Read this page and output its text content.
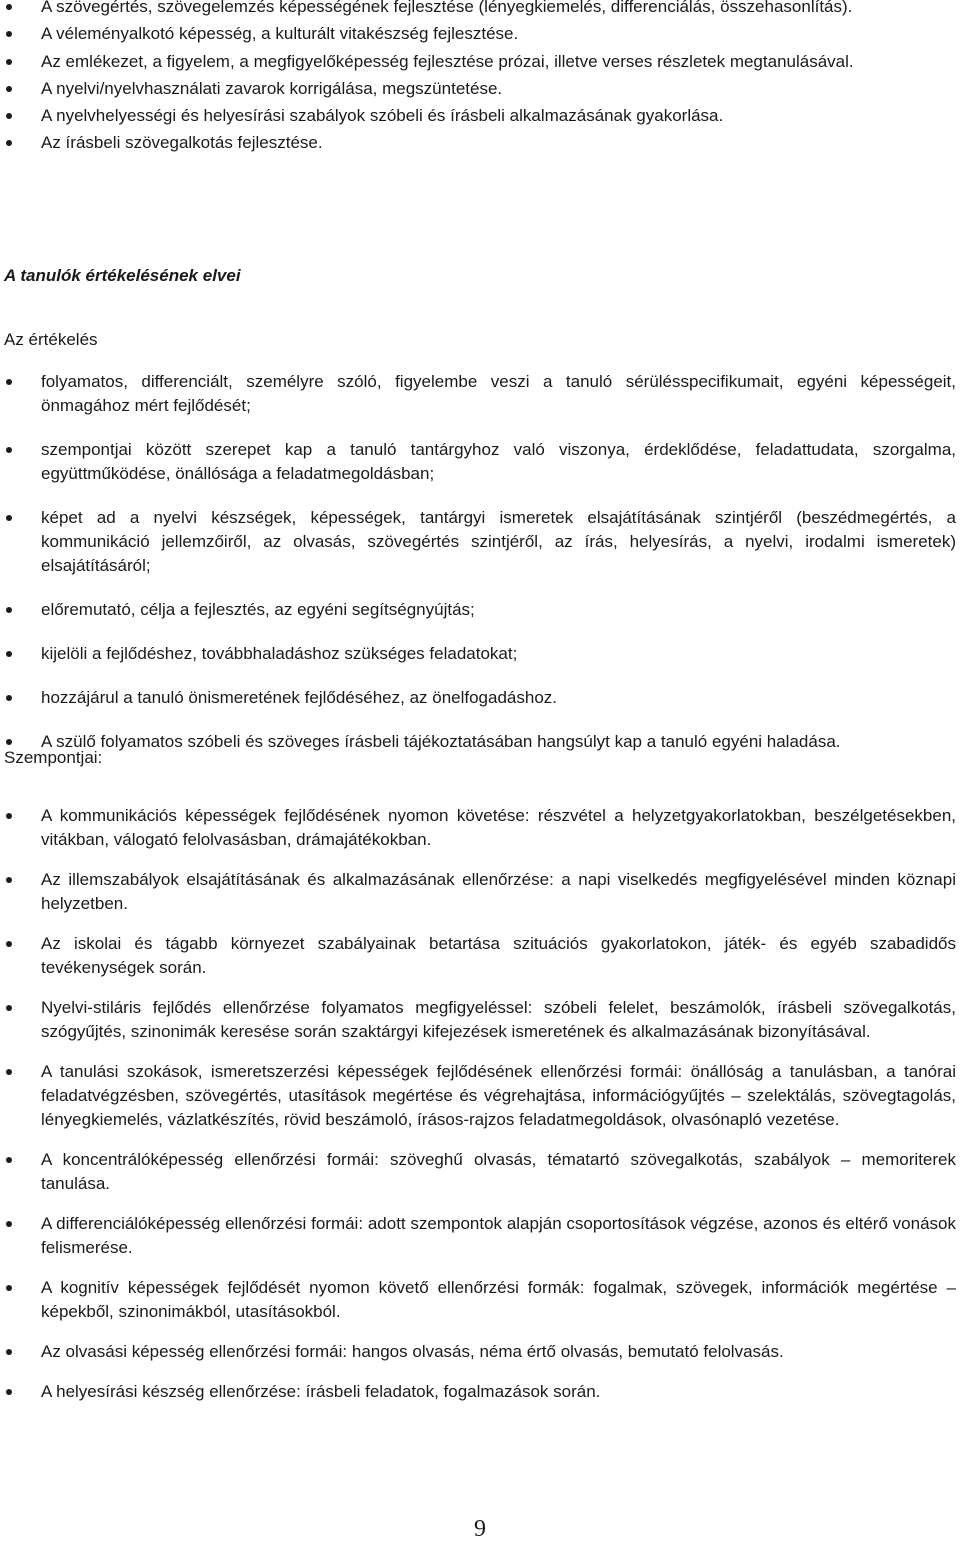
A szövegértés, szövegelemzés képességének fejlesztése (lényegkiemelés, differenciálás, összehasonlítás).
A véleményalkotó képesség, a kulturált vitakészség fejlesztése.
Az emlékezet, a figyelem, a megfigyelőképesség fejlesztése prózai, illetve verses részletek megtanulásával.
A nyelvi/nyelvhasználati zavarok korrigálása, megszüntetése.
A nyelvhelyességi és helyesírási szabályok szóbeli és írásbeli alkalmazásának gyakorlása.
Az írásbeli szövegalkotás fejlesztése.
A tanulók értékelésének elvei
Az értékelés
folyamatos, differenciált, személyre szóló, figyelembe veszi a tanuló sérülésspecifikumait, egyéni képességeit, önmagához mért fejlődését;
szempontjai között szerepet kap a tanuló tantárgyhoz való viszonya, érdeklődése, feladattudata, szorgalma, együttműködése, önállósága a feladatmegoldásban;
képet ad a nyelvi készségek, képességek, tantárgyi ismeretek elsajátításának szintjéről (beszédmegértés, a kommunikáció jellemzőiről, az olvasás, szövegértés szintjéről, az írás, helyesírás, a nyelvi, irodalmi ismeretek) elsajátításáról;
előremutató, célja a fejlesztés, az egyéni segítségnyújtás;
kijelöli a fejlődéshez, továbbhaladáshoz szükséges feladatokat;
hozzájárul a tanuló önismeretének fejlődéséhez, az önelfogadáshoz.
A szülő folyamatos szóbeli és szöveges írásbeli tájékoztatásában hangsúlyt kap a tanuló egyéni haladása.
Szempontjai:
A kommunikációs képességek fejlődésének nyomon követése: részvétel a helyzetgyakorlatokban, beszélgetésekben, vitákban, válogató felolvasásban, drámajátékokban.
Az illemszabályok elsajátításának és alkalmazásának ellenőrzése: a napi viselkedés megfigyelésével minden köznapi helyzetben.
Az iskolai és tágabb környezet szabályainak betartása szituációs gyakorlatokon, játék- és egyéb szabadidős tevékenységek során.
Nyelvi-stiláris fejlődés ellenőrzése folyamatos megfigyeléssel: szóbeli felelet, beszámolók, írásbeli szövegalkotás, szógyűjtés, szinonimák keresése során szaktárgyi kifejezések ismeretének és alkalmazásának bizonyításával.
A tanulási szokások, ismeretszerzési képességek fejlődésének ellenőrzési formái: önállóság a tanulásban, a tanórai feladatvégzésben, szövegértés, utasítások megértése és végrehajtása, információgyűjtés – szelektálás, szövegtagolás, lényegkiemelés, vázlatkészítés, rövid beszámoló, írásos-rajzos feladatmegoldások, olvasónapló vezetése.
A koncentrálóképesség ellenőrzési formái: szöveghű olvasás, tématartó szövegalkotás, szabályok – memoriterek tanulása.
A differenciálóképesség ellenőrzési formái: adott szempontok alapján csoportosítások végzése, azonos és eltérő vonások felismerése.
A kognitív képességek fejlődését nyomon követő ellenőrzési formák: fogalmak, szövegek, információk megértése – képekből, szinonimákból, utasításokból.
Az olvasási képesség ellenőrzési formái: hangos olvasás, néma értő olvasás, bemutató felolvasás.
A helyesírási készség ellenőrzése: írásbeli feladatok, fogalmazások során.
9
